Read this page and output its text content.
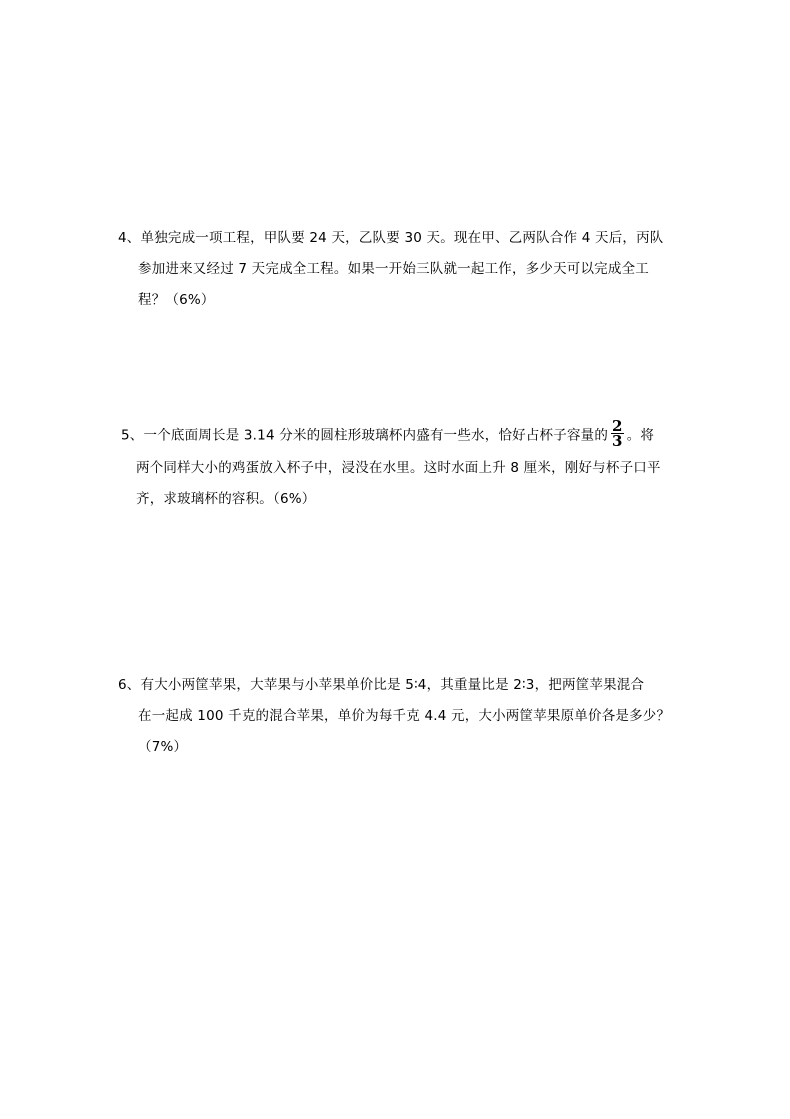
4、单独完成一项工程，甲队要 24 天，乙队要 30 天。现在甲、乙两队合作 4 天后，丙队
参加进来又经过 7 天完成全工程。如果一开始三队就一起工作，多少天可以完成全工
程？（6%）
5、一个底面周长是 3.14 分米的圆柱形玻璃杯内盛有一些水，恰好占杯子容量的 $\frac{2}{3}$ 。将
两个同样大小的鸡蛋放入杯子中，浸没在水里。这时水面上升 8 厘米，刚好与杯子口平
齐，求玻璃杯的容积。（6%）
6、有大小两筐苹果，大苹果与小苹果单价比是 5∶4，其重量比是 2∶3，把两筐苹果混合
在一起成 100 千克的混合苹果，单价为每千克 4.4 元，大小两筐苹果原单价各是多少？
（7%）
